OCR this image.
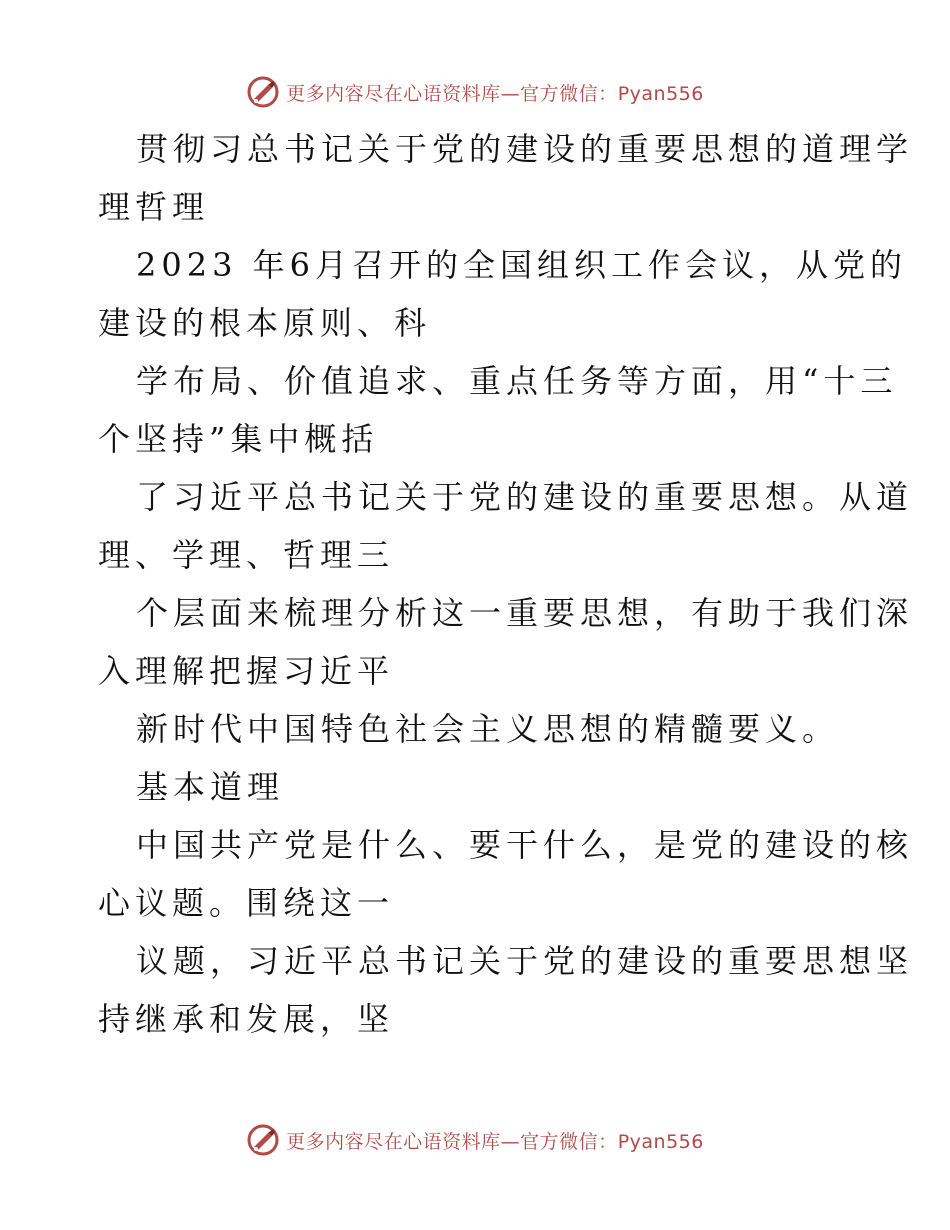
更多内容尽在心语资料库—官方微信：Pyan556
贯彻习总书记关于党的建设的重要思想的道理学
理哲理
2023 年6月召开的全国组织工作会议，从党的
建设的根本原则、科
学布局、价值追求、重点任务等方面，用“十三
个坚持”集中概括
了习近平总书记关于党的建设的重要思想。从道
理、学理、哲理三
个层面来梳理分析这一重要思想，有助于我们深
入理解把握习近平
新时代中国特色社会主义思想的精髓要义。
基本道理
中国共产党是什么、要干什么，是党的建设的核
心议题。围绕这一
议题，习近平总书记关于党的建设的重要思想坚
持继承和发展，坚
更多内容尽在心语资料库—官方微信：Pyan556
